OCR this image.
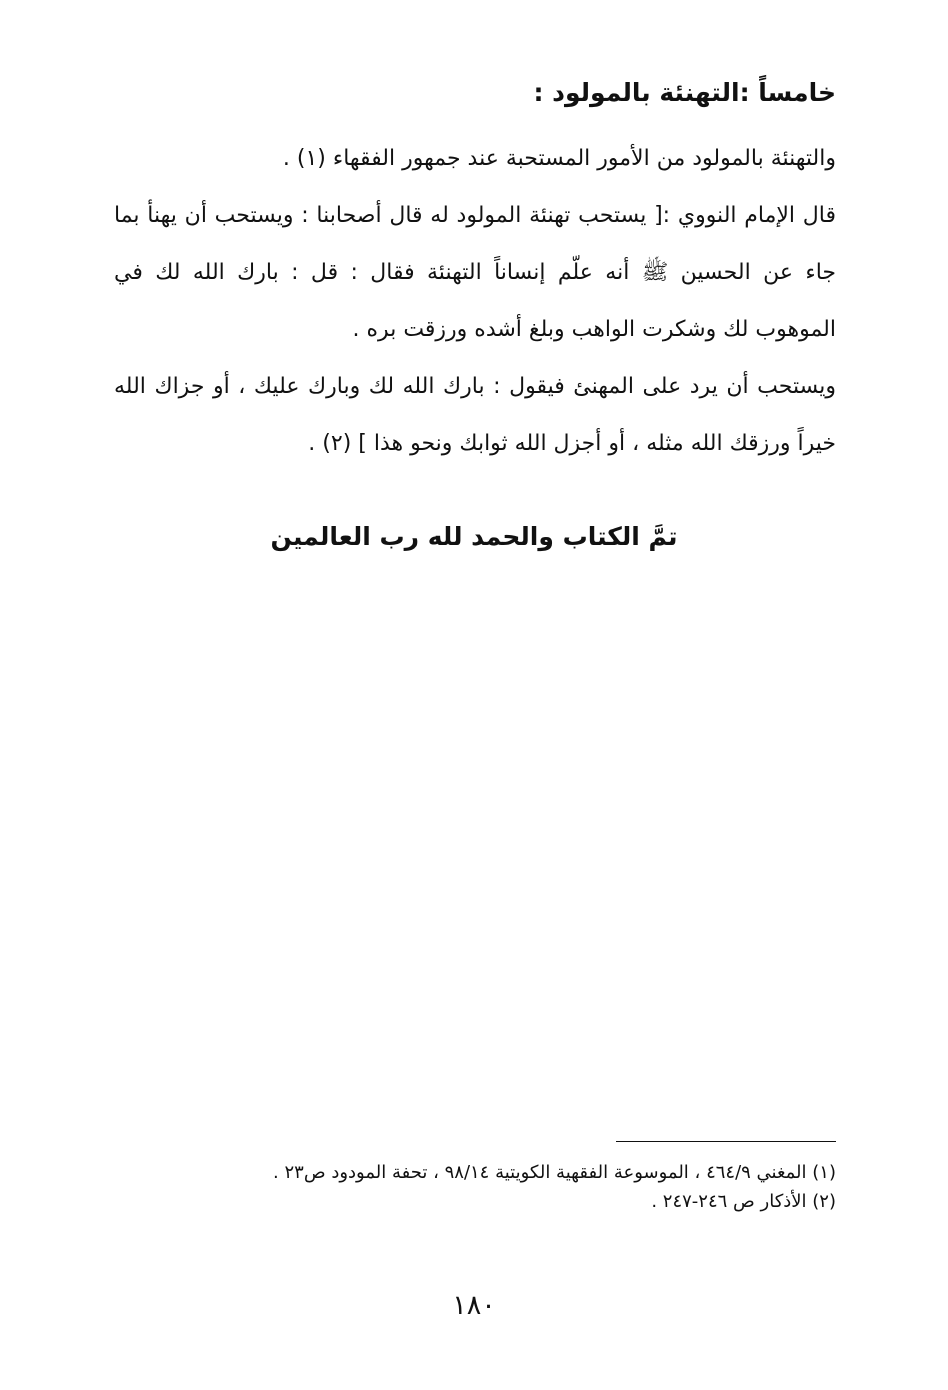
خامساً :التهنئة بالمولود :

والتهنئة بالمولود من الأمور المستحبة عند جمهور الفقهاء (١) .

قال الإمام النووي :[ يستحب تهنئة المولود له قال أصحابنا : ويستحب أن يهنأ بما جاء عن الحسين ﷺ أنه علّم إنساناً التهنئة فقال : قل : بارك الله لك في الموهوب لك وشكرت الواهب وبلغ أشده ورزقت بره .

ويستحب أن يرد على المهنئ فيقول : بارك الله لك وبارك عليك ، أو جزاك الله خيراً ورزقك الله مثله ، أو أجزل الله ثوابك ونحو هذا ] (٢) .

تمَّ الكتاب والحمد لله رب العالمين

(١) المغني ٤٦٤/٩ ، الموسوعة الفقهية الكويتية ٩٨/١٤ ، تحفة المودود ص٢٣ .

(٢) الأذكار ص ٢٤٦-٢٤٧ .

١٨٠
